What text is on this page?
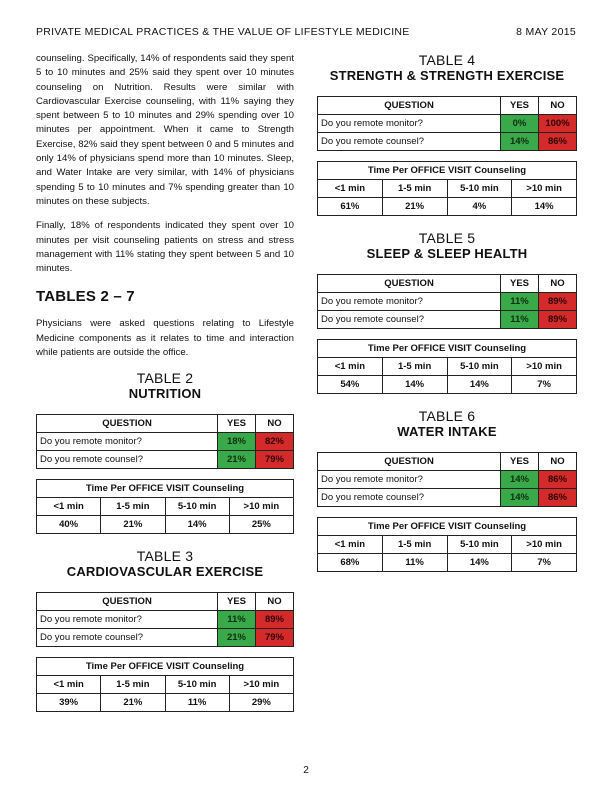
PRIVATE MEDICAL PRACTICES & THE VALUE OF LIFESTYLE MEDICINE	8 MAY 2015

counseling. Specifically, 14% of respondents said they spent 5 to 10 minutes and 25% said they spent over 10 minutes counseling on Nutrition. Results were similar with Cardiovascular Exercise counseling, with 11% saying they spent between 5 to 10 minutes and 29% spending over 10 minutes per appointment. When it came to Strength Exercise, 82% said they spent between 0 and 5 minutes and only 14% of physicians spend more than 10 minutes. Sleep, and Water Intake are very similar, with 14% of physicians spending 5 to 10 minutes and 7% spending greater than 10 minutes on these subjects.

Finally, 18% of respondents indicated they spent over 10 minutes per visit counseling patients on stress and stress management with 11% stating they spent between 5 and 10 minutes.

TABLES 2 – 7

Physicians were asked questions relating to Lifestyle Medicine components as it relates to time and interaction while patients are outside the office.

TABLE 2
NUTRITION
QUESTION	YES	NO
Do you remote monitor?	18%	82%
Do you remote counsel?	21%	79%
Time Per OFFICE VISIT Counseling			
<1 min	1-5 min	5-10 min	>10 min
40%	21%	14%	25%
TABLE 3
CARDIOVASCULAR EXERCISE
QUESTION	YES	NO
Do you remote monitor?	11%	89%
Do you remote counsel?	21%	79%
Time Per OFFICE VISIT Counseling			
<1 min	1-5 min	5-10 min	>10 min
39%	21%	11%	29%
TABLE 4
STRENGTH & STRENGTH EXERCISE
QUESTION	YES	NO
Do you remote monitor?	0%	100%
Do you remote counsel?	14%	86%
Time Per OFFICE VISIT Counseling			
<1 min	1-5 min	5-10 min	>10 min
61%	21%	4%	14%
TABLE 5
SLEEP & SLEEP HEALTH
QUESTION	YES	NO
Do you remote monitor?	11%	89%
Do you remote counsel?	11%	89%
Time Per OFFICE VISIT Counseling			
<1 min	1-5 min	5-10 min	>10 min
54%	14%	14%	7%
TABLE 6
WATER INTAKE
QUESTION	YES	NO
Do you remote monitor?	14%	86%
Do you remote counsel?	14%	86%
Time Per OFFICE VISIT Counseling			
<1 min	1-5 min	5-10 min	>10 min
68%	11%	14%	7%
2
